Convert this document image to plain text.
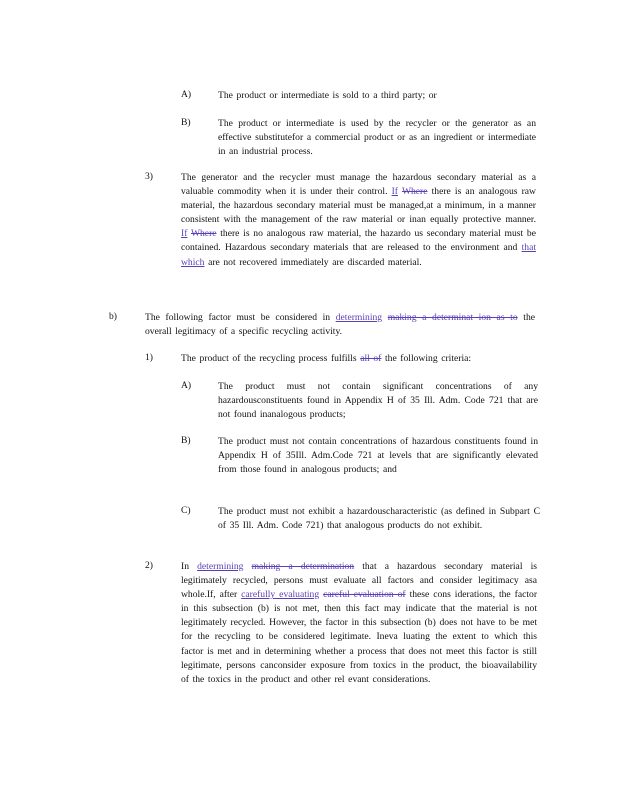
A)	The product or intermediate is sold to a third party; or
B)	The product or intermediate is used by the recycler or the generator as an effective substitutefor a commercial product or as an ingredient or intermediate in an industrial process.
3)	The generator and the recycler must manage the hazardous secondary material as a valuable commodity when it is under their control. If Where there is an analogous raw material, the hazardous secondary material must be managed,at a minimum, in a manner consistent with the management of the raw material or inan equally protective manner. If Where there is no analogous raw material, the hazardo us secondary material must be contained. Hazardous secondary materials that are released to the environment and that which are not recovered immediately are discarded material.
b)	The following factor must be considered in determining making a determinat ion as to the overall legitimacy of a specific recycling activity.
1)	The product of the recycling process fulfills all of the following criteria:
A)	The product must not contain significant concentrations of any hazardousconstituents found in Appendix H of 35 Ill. Adm. Code 721 that are not found inanalogous products;
B)	The product must not contain concentrations of hazardous constituents found in Appendix H of 35Ill. Adm.Code 721 at levels that are significantly elevated from those found in analogous products; and
C)	The product must not exhibit a hazardouscharacteristic (as defined in Subpart C of 35 Ill. Adm. Code 721) that analogous products do not exhibit.
2)	In determining making a determination that a hazardous secondary material is legitimately recycled, persons must evaluate all factors and consider legitimacy asa whole.If, after carefully evaluating careful evaluation of these cons iderations, the factor in this subsection (b) is not met, then this fact may indicate that the material is not legitimately recycled. However, the factor in this subsection (b) does not have to be met for the recycling to be considered legitimate. Ineva luating the extent to which this factor is met and in determining whether a process that does not meet this factor is still legitimate, persons canconsider exposure from toxics in the product, the bioavailability of the toxics in the product and other rel evant considerations.
